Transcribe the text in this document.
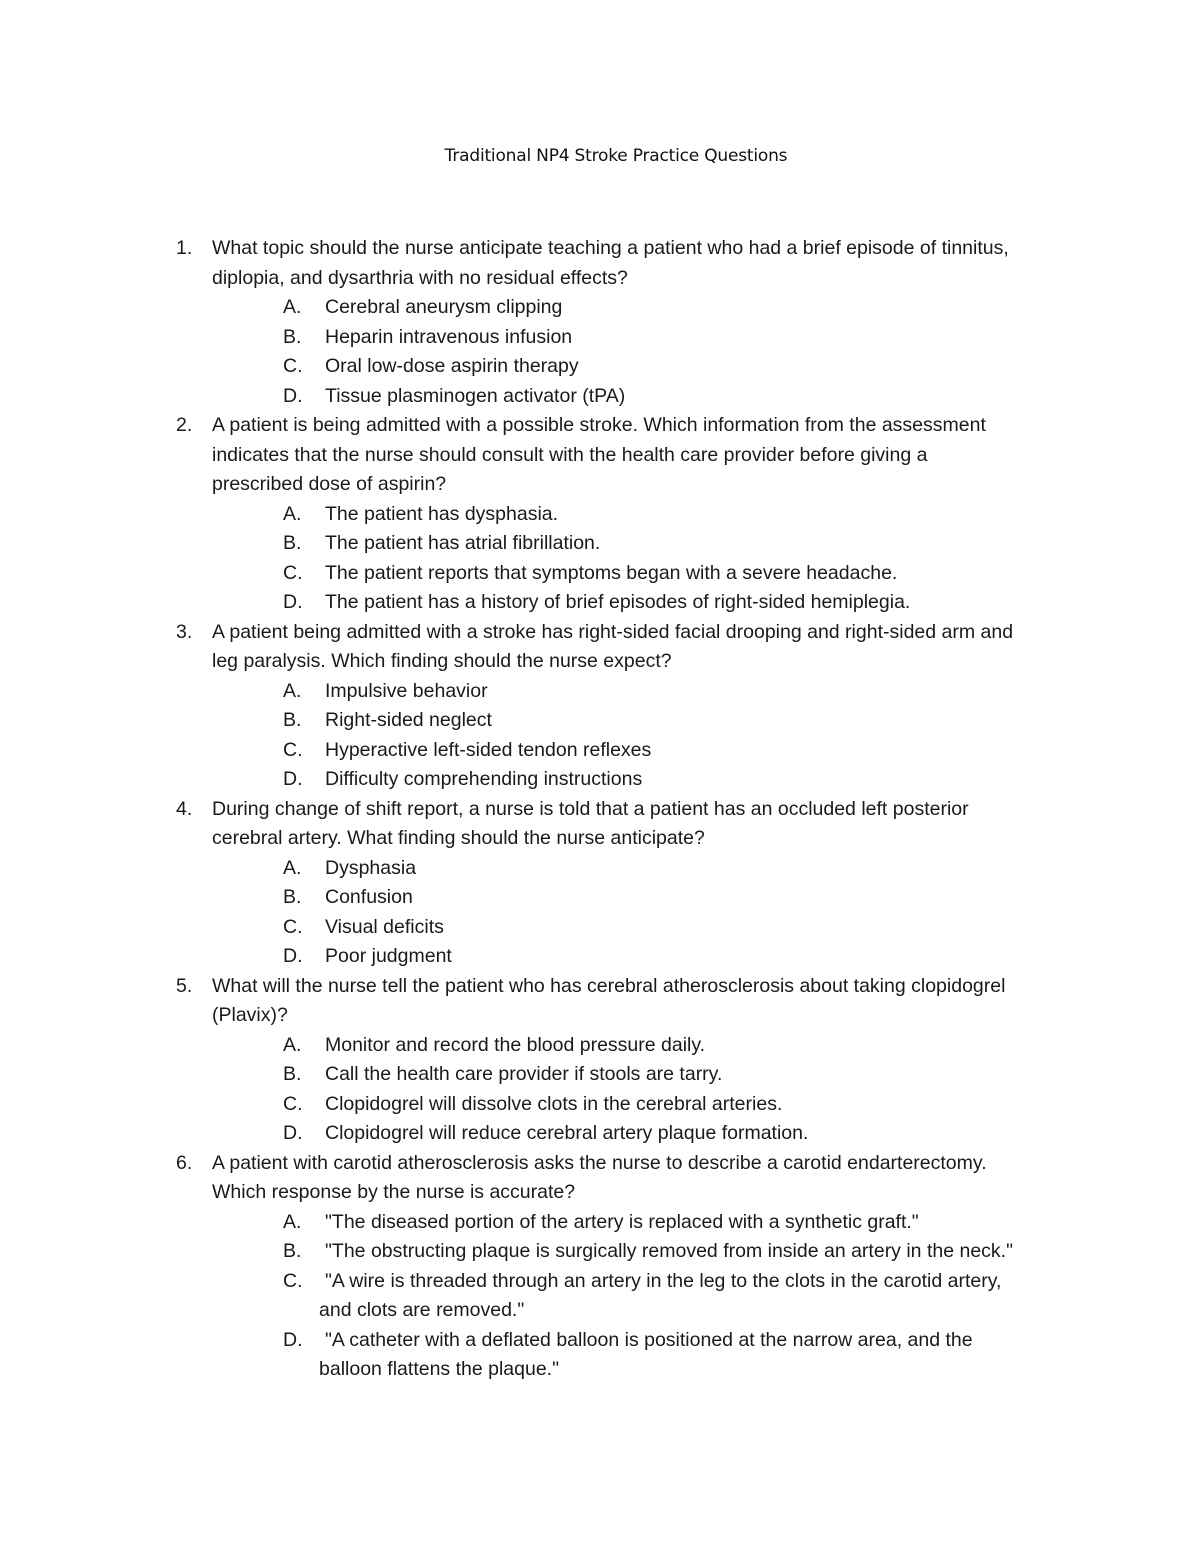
Traditional NP4 Stroke Practice Questions
1. What topic should the nurse anticipate teaching a patient who had a brief episode of tinnitus,
diplopia, and dysarthria with no residual effects?
A. Cerebral aneurysm clipping
B. Heparin intravenous infusion
C. Oral low-dose aspirin therapy
D. Tissue plasminogen activator (tPA)
2. A patient is being admitted with a possible stroke. Which information from the assessment
indicates that the nurse should consult with the health care provider before giving a
prescribed dose of aspirin?
A. The patient has dysphasia.
B. The patient has atrial fibrillation.
C. The patient reports that symptoms began with a severe headache.
D. The patient has a history of brief episodes of right-sided hemiplegia.
3. A patient being admitted with a stroke has right-sided facial drooping and right-sided arm and
leg paralysis. Which finding should the nurse expect?
A. Impulsive behavior
B. Right-sided neglect
C. Hyperactive left-sided tendon reflexes
D. Difficulty comprehending instructions
4. During change of shift report, a nurse is told that a patient has an occluded left posterior
cerebral artery. What finding should the nurse anticipate?
A. Dysphasia
B. Confusion
C. Visual deficits
D. Poor judgment
5. What will the nurse tell the patient who has cerebral atherosclerosis about taking clopidogrel
(Plavix)?
A. Monitor and record the blood pressure daily.
B. Call the health care provider if stools are tarry.
C. Clopidogrel will dissolve clots in the cerebral arteries.
D. Clopidogrel will reduce cerebral artery plaque formation.
6. A patient with carotid atherosclerosis asks the nurse to describe a carotid endarterectomy.
Which response by the nurse is accurate?
A. "The diseased portion of the artery is replaced with a synthetic graft."
B. "The obstructing plaque is surgically removed from inside an artery in the neck."
C. "A wire is threaded through an artery in the leg to the clots in the carotid artery,
and clots are removed."
D. "A catheter with a deflated balloon is positioned at the narrow area, and the
balloon flattens the plaque."
